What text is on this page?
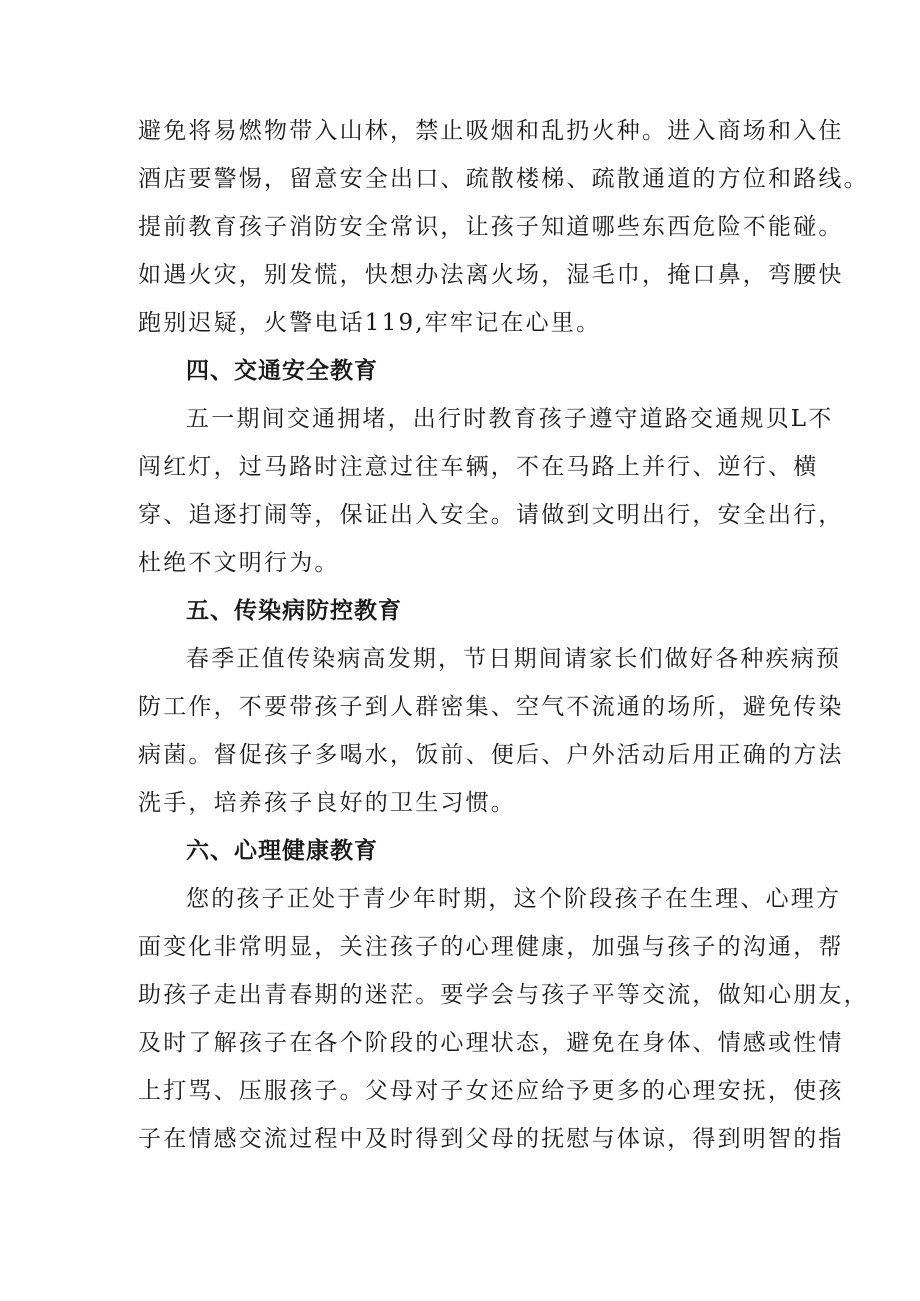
避免将易燃物带入山林，禁止吸烟和乱扔火种。进入商场和入住
酒店要警惕，留意安全出口、疏散楼梯、疏散通道的方位和路线。
提前教育孩子消防安全常识，让孩子知道哪些东西危险不能碰。
如遇火灾，别发慌，快想办法离火场，湿毛巾，掩口鼻，弯腰快
跑别迟疑，火警电话119,牢牢记在心里。
四、交通安全教育
五一期间交通拥堵，出行时教育孩子遵守道路交通规贝L不
闯红灯，过马路时注意过往车辆，不在马路上并行、逆行、横
穿、追逐打闹等，保证出入安全。请做到文明出行，安全出行，
杜绝不文明行为。
五、传染病防控教育
春季正值传染病高发期，节日期间请家长们做好各种疾病预
防工作，不要带孩子到人群密集、空气不流通的场所，避免传染
病菌。督促孩子多喝水，饭前、便后、户外活动后用正确的方法
洗手，培养孩子良好的卫生习惯。
六、心理健康教育
您的孩子正处于青少年时期，这个阶段孩子在生理、心理方
面变化非常明显，关注孩子的心理健康，加强与孩子的沟通，帮
助孩子走出青春期的迷茫。要学会与孩子平等交流，做知心朋友，
及时了解孩子在各个阶段的心理状态，避免在身体、情感或性情
上打骂、压服孩子。父母对子女还应给予更多的心理安抚，使孩
子在情感交流过程中及时得到父母的抚慰与体谅，得到明智的指
